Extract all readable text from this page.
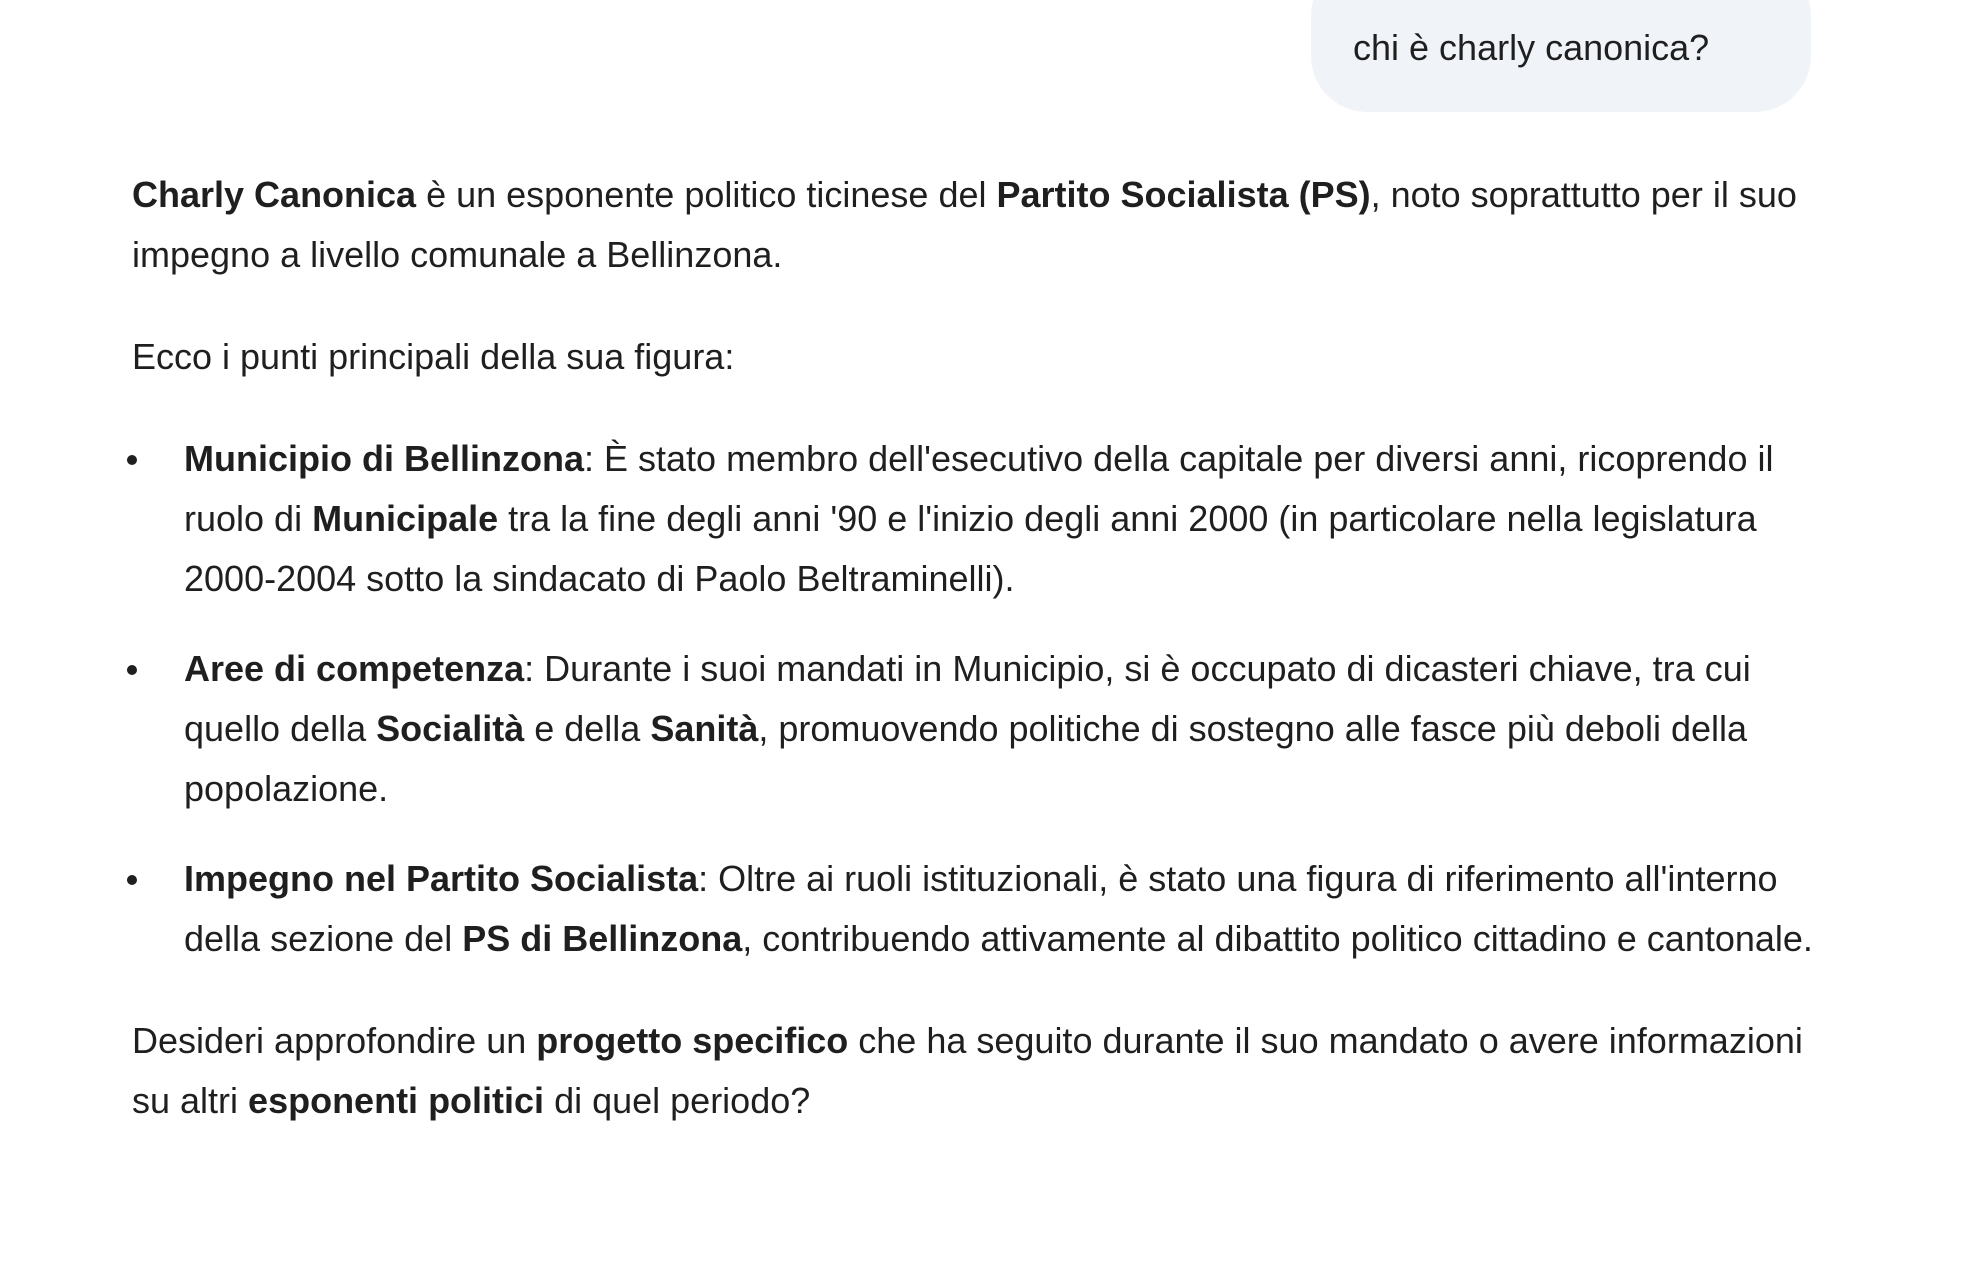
chi è charly canonica?

Charly Canonica è un esponente politico ticinese del Partito Socialista (PS), noto soprattutto per il suo impegno a livello comunale a Bellinzona.

Ecco i punti principali della sua figura:

Municipio di Bellinzona: È stato membro dell'esecutivo della capitale per diversi anni, ricoprendo il ruolo di Municipale tra la fine degli anni '90 e l'inizio degli anni 2000 (in particolare nella legislatura 2000-2004 sotto la sindacato di Paolo Beltraminelli).
Aree di competenza: Durante i suoi mandati in Municipio, si è occupato di dicasteri chiave, tra cui quello della Socialità e della Sanità, promuovendo politiche di sostegno alle fasce più deboli della popolazione.
Impegno nel Partito Socialista: Oltre ai ruoli istituzionali, è stato una figura di riferimento all'interno della sezione del PS di Bellinzona, contribuendo attivamente al dibattito politico cittadino e cantonale.

Desideri approfondire un progetto specifico che ha seguito durante il suo mandato o avere informazioni su altri esponenti politici di quel periodo?
